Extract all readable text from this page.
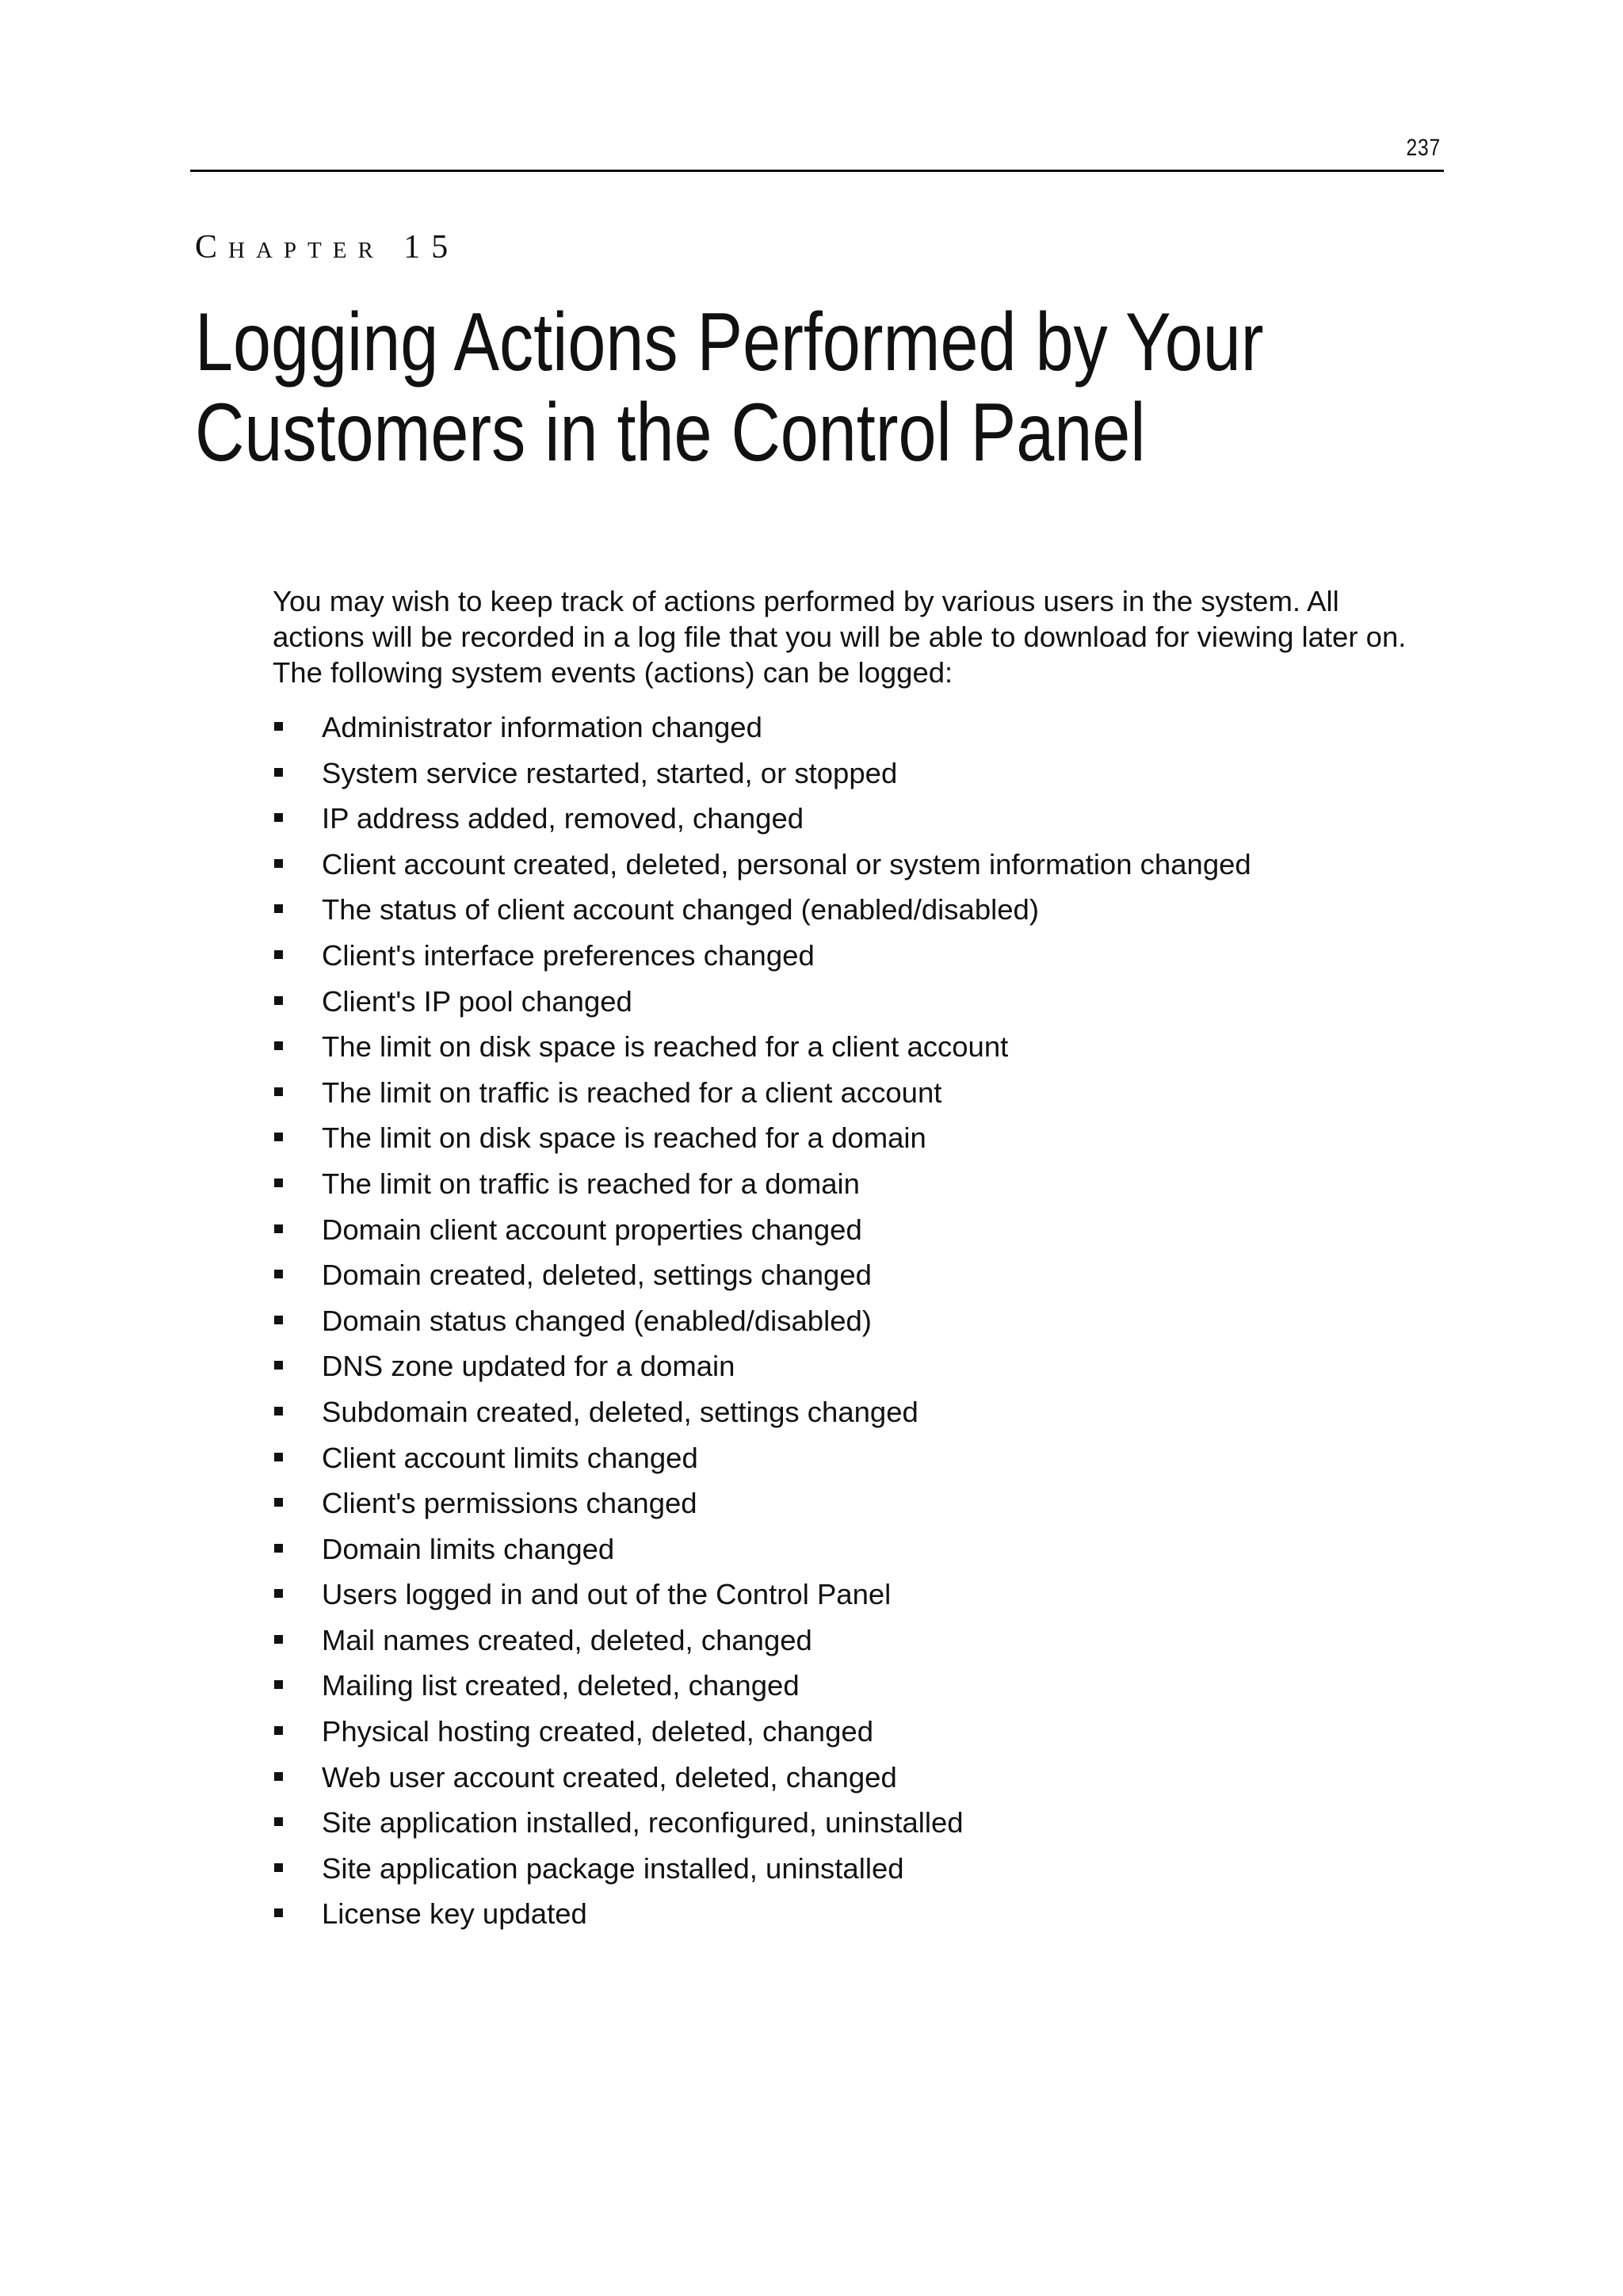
237
Chapter 15
Logging Actions Performed by Your
Customers in the Control Panel

You may wish to keep track of actions performed by various users in the system. All actions will be recorded in a log file that you will be able to download for viewing later on. The following system events (actions) can be logged:

Administrator information changed
System service restarted, started, or stopped
IP address added, removed, changed
Client account created, deleted, personal or system information changed
The status of client account changed (enabled/disabled)
Client's interface preferences changed
Client's IP pool changed
The limit on disk space is reached for a client account
The limit on traffic is reached for a client account
The limit on disk space is reached for a domain
The limit on traffic is reached for a domain
Domain client account properties changed
Domain created, deleted, settings changed
Domain status changed (enabled/disabled)
DNS zone updated for a domain
Subdomain created, deleted, settings changed
Client account limits changed
Client's permissions changed
Domain limits changed
Users logged in and out of the Control Panel
Mail names created, deleted, changed
Mailing list created, deleted, changed
Physical hosting created, deleted, changed
Web user account created, deleted, changed
Site application installed, reconfigured, uninstalled
Site application package installed, uninstalled
License key updated
